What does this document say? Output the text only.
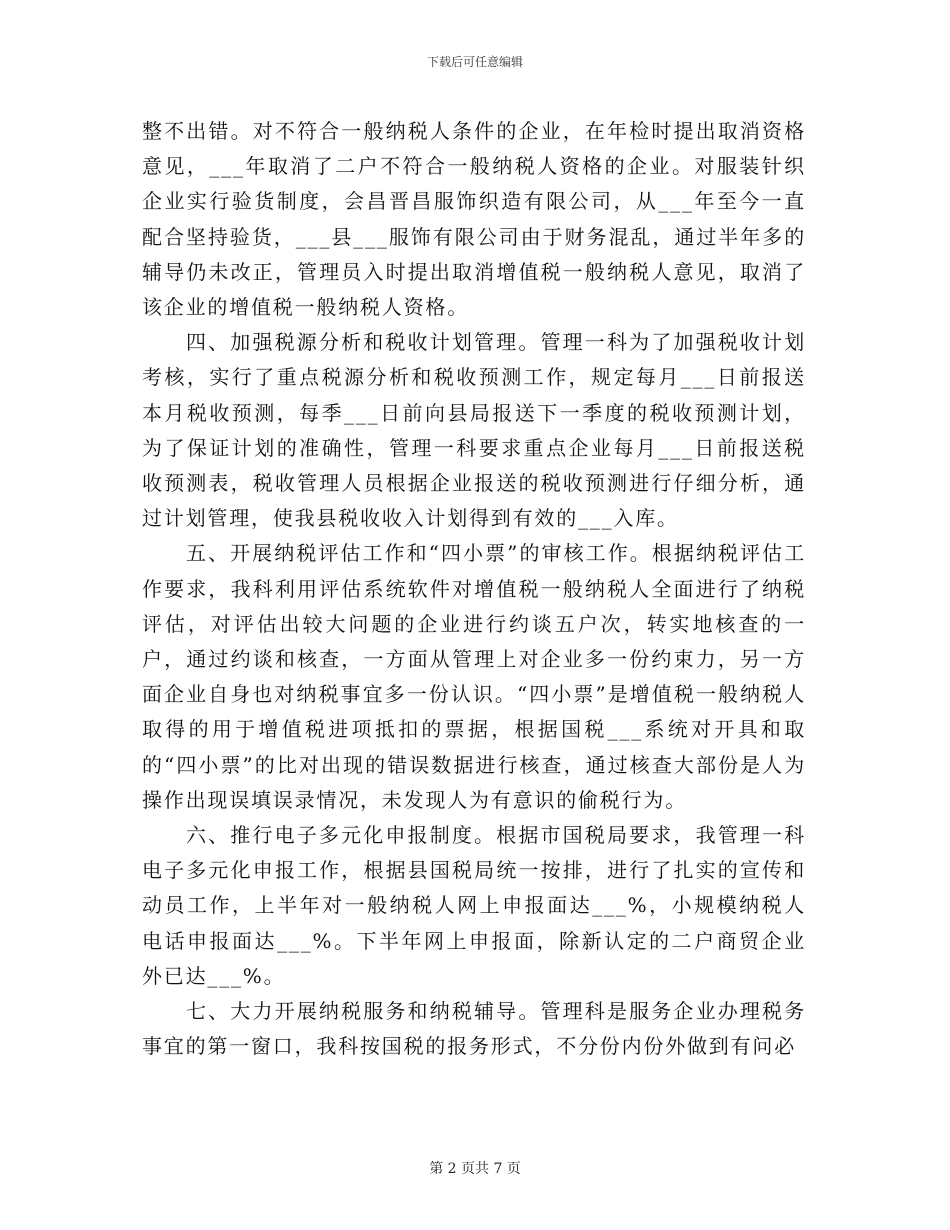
下载后可任意编辑

整不出错。对不符合一般纳税人条件的企业，在年检时提出取消资格意见，___年取消了二户不符合一般纳税人资格的企业。对服装针织企业实行验货制度，会昌晋昌服饰织造有限公司，从___年至今一直配合坚持验货，___县___服饰有限公司由于财务混乱，通过半年多的辅导仍未改正，管理员入时提出取消增值税一般纳税人意见，取消了该企业的增值税一般纳税人资格。

四、加强税源分析和税收计划管理。管理一科为了加强税收计划考核，实行了重点税源分析和税收预测工作，规定每月___日前报送本月税收预测，每季___日前向县局报送下一季度的税收预测计划，为了保证计划的准确性，管理一科要求重点企业每月___日前报送税收预测表，税收管理人员根据企业报送的税收预测进行仔细分析，通过计划管理，使我县税收收入计划得到有效的___入库。

五、开展纳税评估工作和“四小票”的审核工作。根据纳税评估工作要求，我科利用评估系统软件对增值税一般纳税人全面进行了纳税评估，对评估出较大问题的企业进行约谈五户次，转实地核查的一户，通过约谈和核查，一方面从管理上对企业多一份约束力，另一方面企业自身也对纳税事宜多一份认识。“四小票”是增值税一般纳税人取得的用于增值税进项抵扣的票据，根据国税___系统对开具和取的“四小票”的比对出现的错误数据进行核查，通过核查大部份是人为操作出现误填误录情况，未发现人为有意识的偷税行为。

六、推行电子多元化申报制度。根据市国税局要求，我管理一科电子多元化申报工作，根据县国税局统一按排，进行了扎实的宣传和动员工作，上半年对一般纳税人网上申报面达___%，小规模纳税人电话申报面达___%。下半年网上申报面，除新认定的二户商贸企业外已达___%。

七、大力开展纳税服务和纳税辅导。管理科是服务企业办理税务事宜的第一窗口，我科按国税的报务形式，不分份内份外做到有问必

第 2 页共 7 页
